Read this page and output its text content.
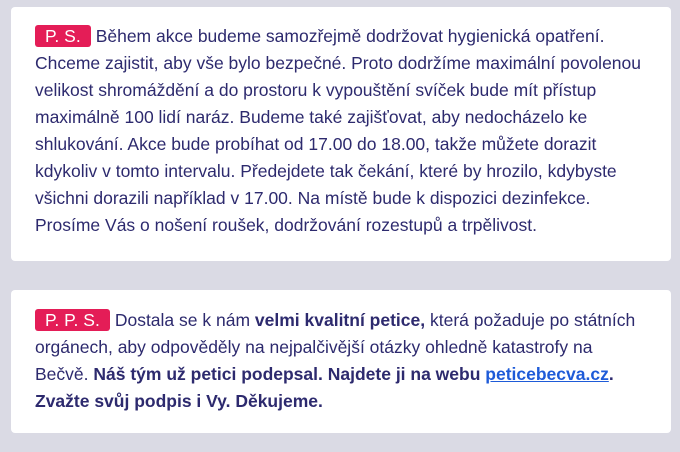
P. S. Během akce budeme samozřejmě dodržovat hygienická opatření. Chceme zajistit, aby vše bylo bezpečné. Proto dodržíme maximální povolenou velikost shromáždění a do prostoru k vypouštění svíček bude mít přístup maximálně 100 lidí naráz. Budeme také zajišťovat, aby nedocházelo ke shlukování. Akce bude probíhat od 17.00 do 18.00, takže můžete dorazit kdykoliv v tomto intervalu. Předejdete tak čekání, které by hrozilo, kdybyste všichni dorazili například v 17.00. Na místě bude k dispozici dezinfekce. Prosíme Vás o nošení roušek, dodržování rozestupů a trpělivost.

P. P. S. Dostala se k nám velmi kvalitní petice, která požaduje po státních orgánech, aby odpověděly na nejpalčivější otázky ohledně katastrofy na Bečvě. Náš tým už petici podepsal. Najdete ji na webu peticebecva.cz. Zvažte svůj podpis i Vy. Děkujeme.
